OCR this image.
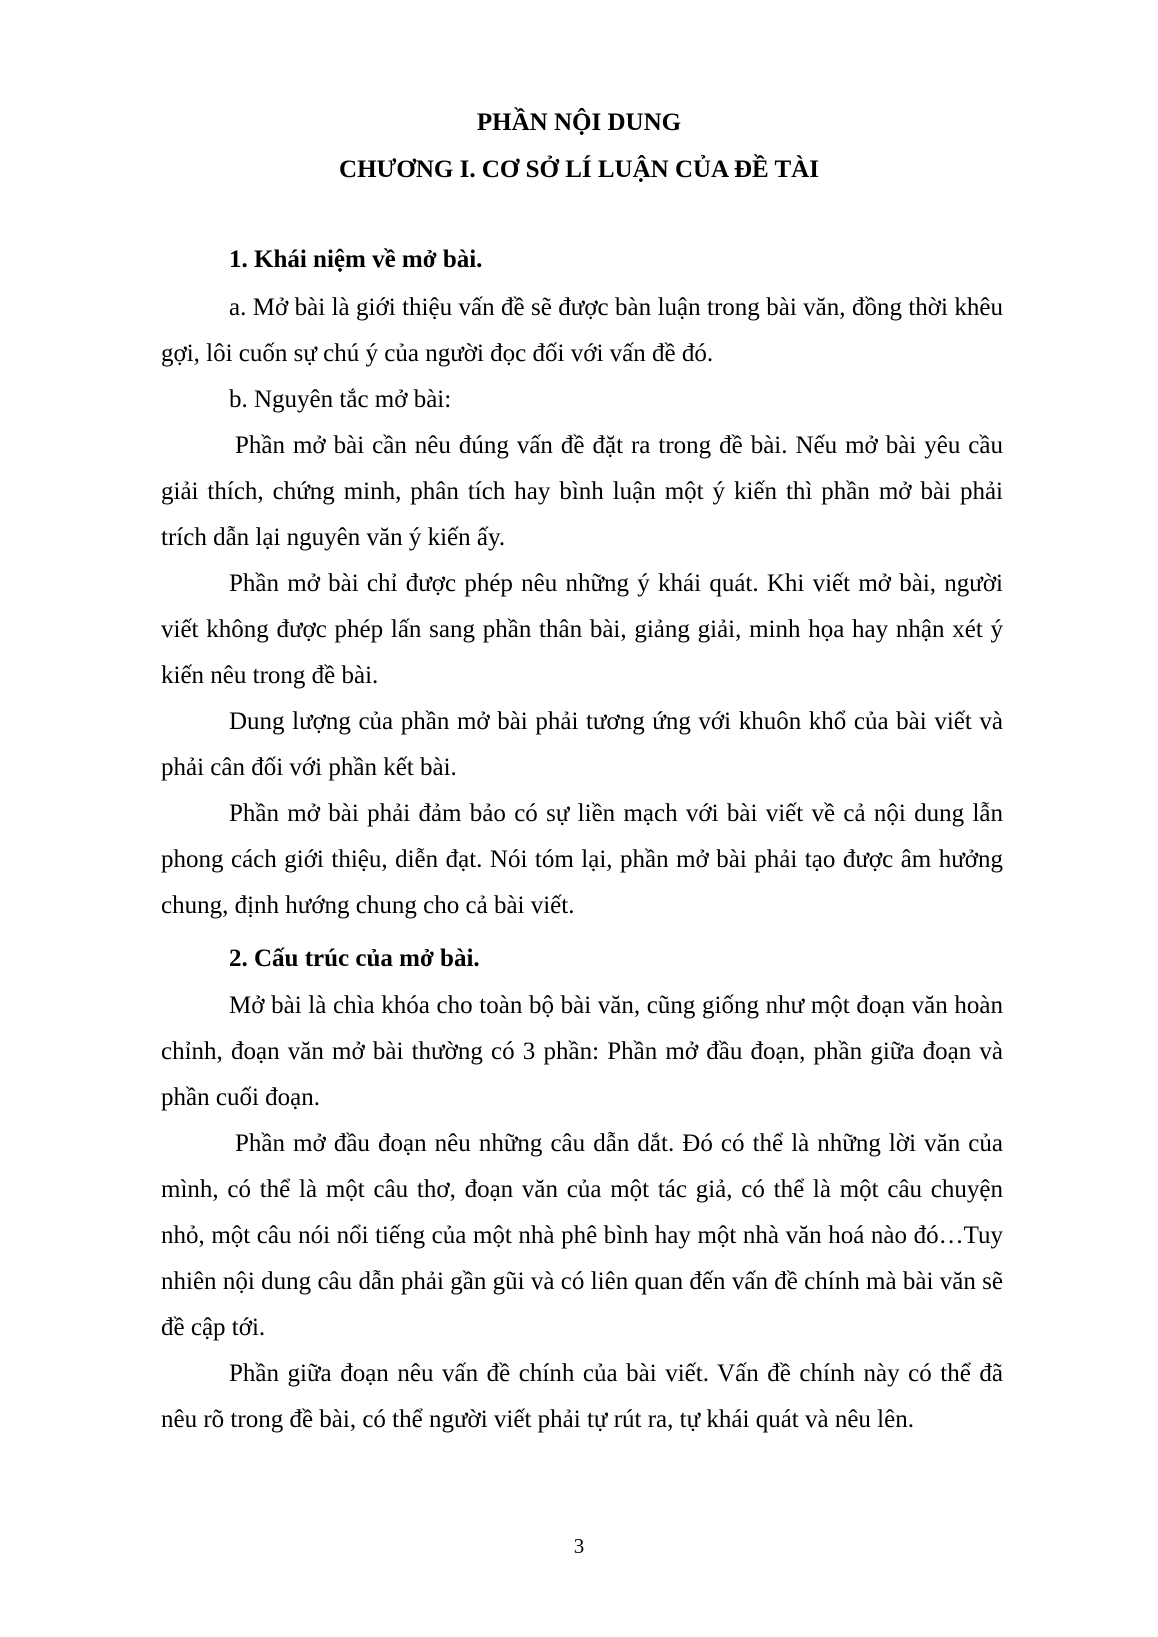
PHẦN NỘI DUNG
CHƯƠNG I. CƠ SỞ LÍ LUẬN CỦA ĐỀ TÀI
1. Khái niệm về mở bài.

a. Mở bài là giới thiệu vấn đề sẽ được bàn luận trong bài văn, đồng thời khêu gợi, lôi cuốn sự chú ý của người đọc đối với vấn đề đó.

b. Nguyên tắc mở bài:

Phần mở bài cần nêu đúng vấn đề đặt ra trong đề bài. Nếu mở bài yêu cầu giải thích, chứng minh, phân tích hay bình luận một ý kiến thì phần mở bài phải trích dẫn lại nguyên văn ý kiến ấy.

Phần mở bài chỉ được phép nêu những ý khái quát. Khi viết mở bài, người viết không được phép lấn sang phần thân bài, giảng giải, minh họa hay nhận xét ý kiến nêu trong đề bài.

Dung lượng của phần mở bài phải tương ứng với khuôn khổ của bài viết và phải cân đối với phần kết bài.

Phần mở bài phải đảm bảo có sự liền mạch với bài viết về cả nội dung lẫn phong cách giới thiệu, diễn đạt. Nói tóm lại, phần mở bài phải tạo được âm hưởng chung, định hướng chung cho cả bài viết.

2. Cấu trúc của mở bài.

Mở bài là chìa khóa cho toàn bộ bài văn, cũng giống như một đoạn văn hoàn chỉnh, đoạn văn mở bài thường có 3 phần: Phần mở đầu đoạn, phần giữa đoạn và phần cuối đoạn.

Phần mở đầu đoạn nêu những câu dẫn dắt. Đó có thể là những lời văn của mình, có thể là một câu thơ, đoạn văn của một tác giả, có thể là một câu chuyện nhỏ, một câu nói nổi tiếng của một nhà phê bình hay một nhà văn hoá nào đó…Tuy nhiên nội dung câu dẫn phải gần gũi và có liên quan đến vấn đề chính mà bài văn sẽ đề cập tới.

Phần giữa đoạn nêu vấn đề chính của bài viết. Vấn đề chính này có thể đã nêu rõ trong đề bài, có thể người viết phải tự rút ra, tự khái quát và nêu lên.

3
